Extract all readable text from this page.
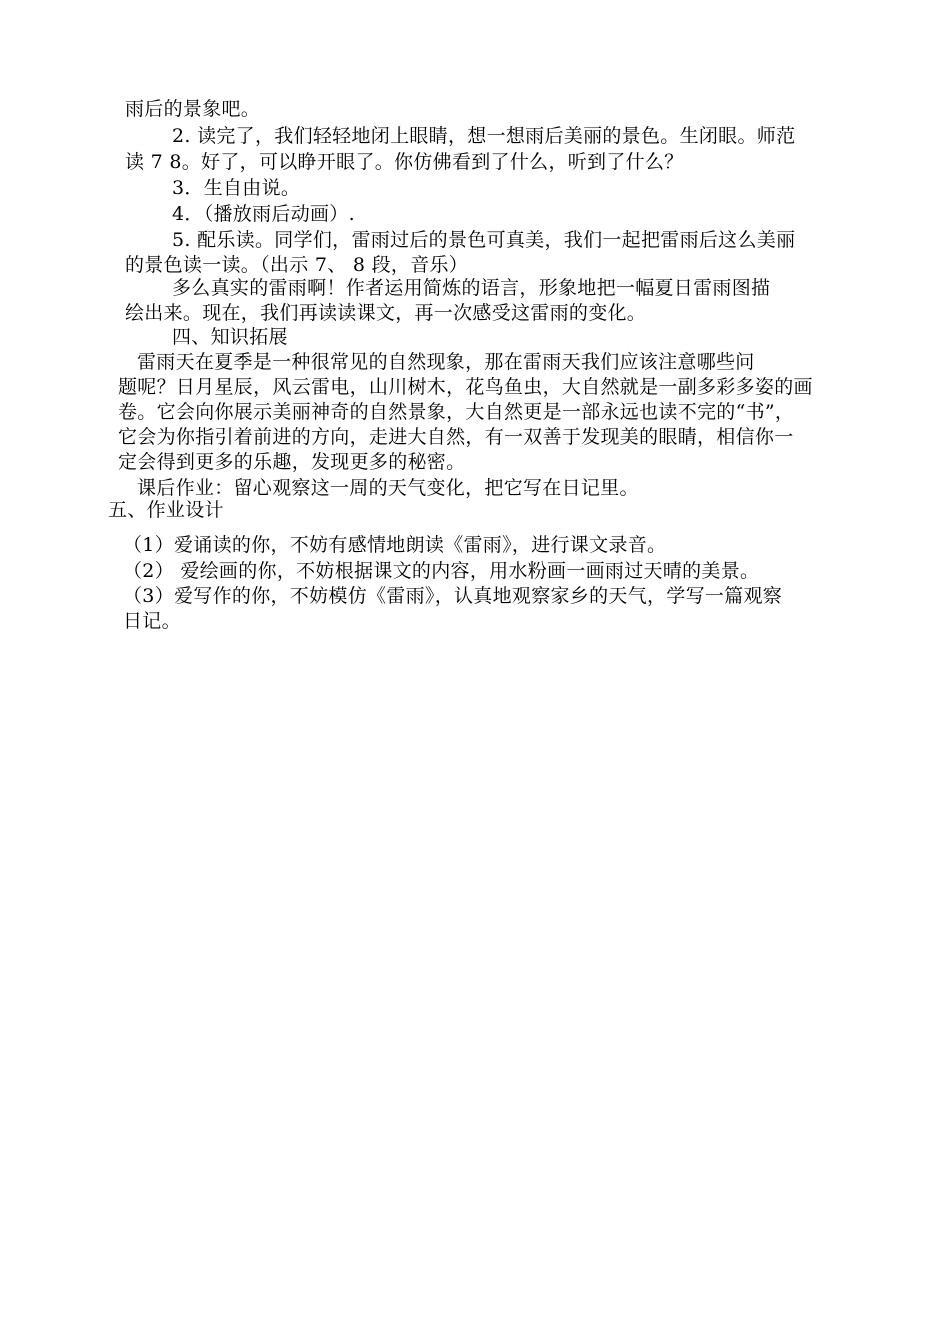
雨后的景象吧。
2. 读完了，我们轻轻地闭上眼睛，想一想雨后美丽的景色。生闭眼。师范
读 7 8。好了，可以睁开眼了。你仿佛看到了什么，听到了什么？
3．生自由说。
4．（播放雨后动画）.
5. 配乐读。同学们，雷雨过后的景色可真美，我们一起把雷雨后这么美丽
的景色读一读。（出示 7、 8 段，音乐）
多么真实的雷雨啊！作者运用简炼的语言，形象地把一幅夏日雷雨图描
绘出来。现在，我们再读读课文，再一次感受这雷雨的变化。
四、知识拓展
雷雨天在夏季是一种很常见的自然现象，那在雷雨天我们应该注意哪些问
题呢？日月星辰，风云雷电，山川树木，花鸟鱼虫，大自然就是一副多彩多姿的画
卷。它会向你展示美丽神奇的自然景象，大自然更是一部永远也读不完的“书”，
它会为你指引着前进的方向，走进大自然，有一双善于发现美的眼睛，相信你一
定会得到更多的乐趣，发现更多的秘密。
课后作业：留心观察这一周的天气变化，把它写在日记里。
五、作业设计
（1）爱诵读的你，不妨有感情地朗读《雷雨》，进行课文录音。
（2） 爱绘画的你，不妨根据课文的内容，用水粉画一画雨过天晴的美景。
（3）爱写作的你，不妨模仿《雷雨》，认真地观察家乡的天气，学写一篇观察
日记。
